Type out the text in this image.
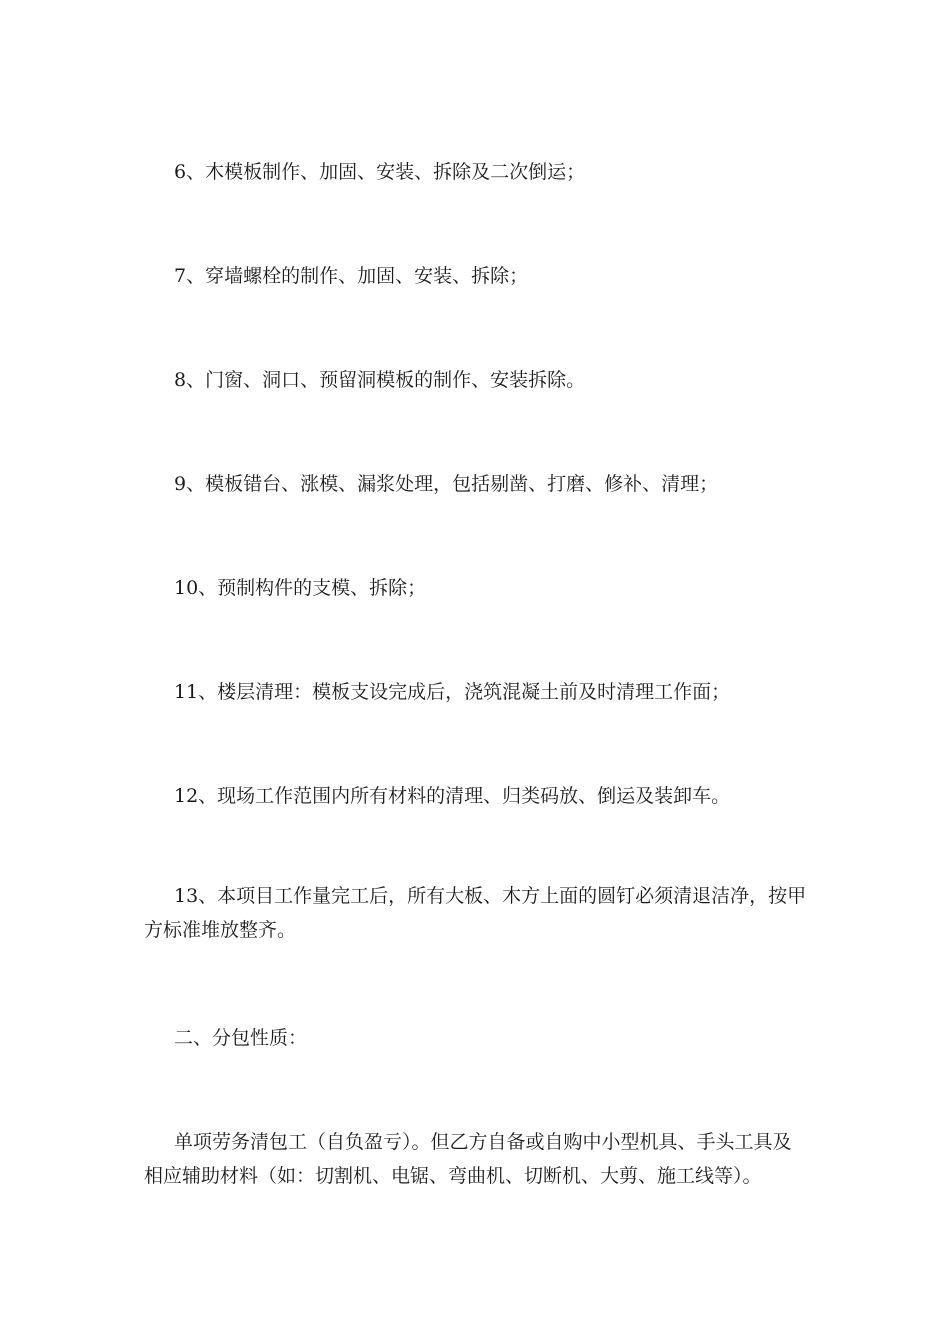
6、木模板制作、加固、安装、拆除及二次倒运；

7、穿墙螺栓的制作、加固、安装、拆除；

8、门窗、洞口、预留洞模板的制作、安装拆除。

9、模板错台、涨模、漏浆处理，包括剔凿、打磨、修补、清理；

10、预制构件的支模、拆除；

11、楼层清理：模板支设完成后，浇筑混凝土前及时清理工作面；

12、现场工作范围内所有材料的清理、归类码放、倒运及装卸车。

13、本项目工作量完工后，所有大板、木方上面的圆钉必须清退洁净，按甲方标准堆放整齐。

二、分包性质：

单项劳务清包工（自负盈亏）。但乙方自备或自购中小型机具、手头工具及相应辅助材料（如：切割机、电锯、弯曲机、切断机、大剪、施工线等）。
